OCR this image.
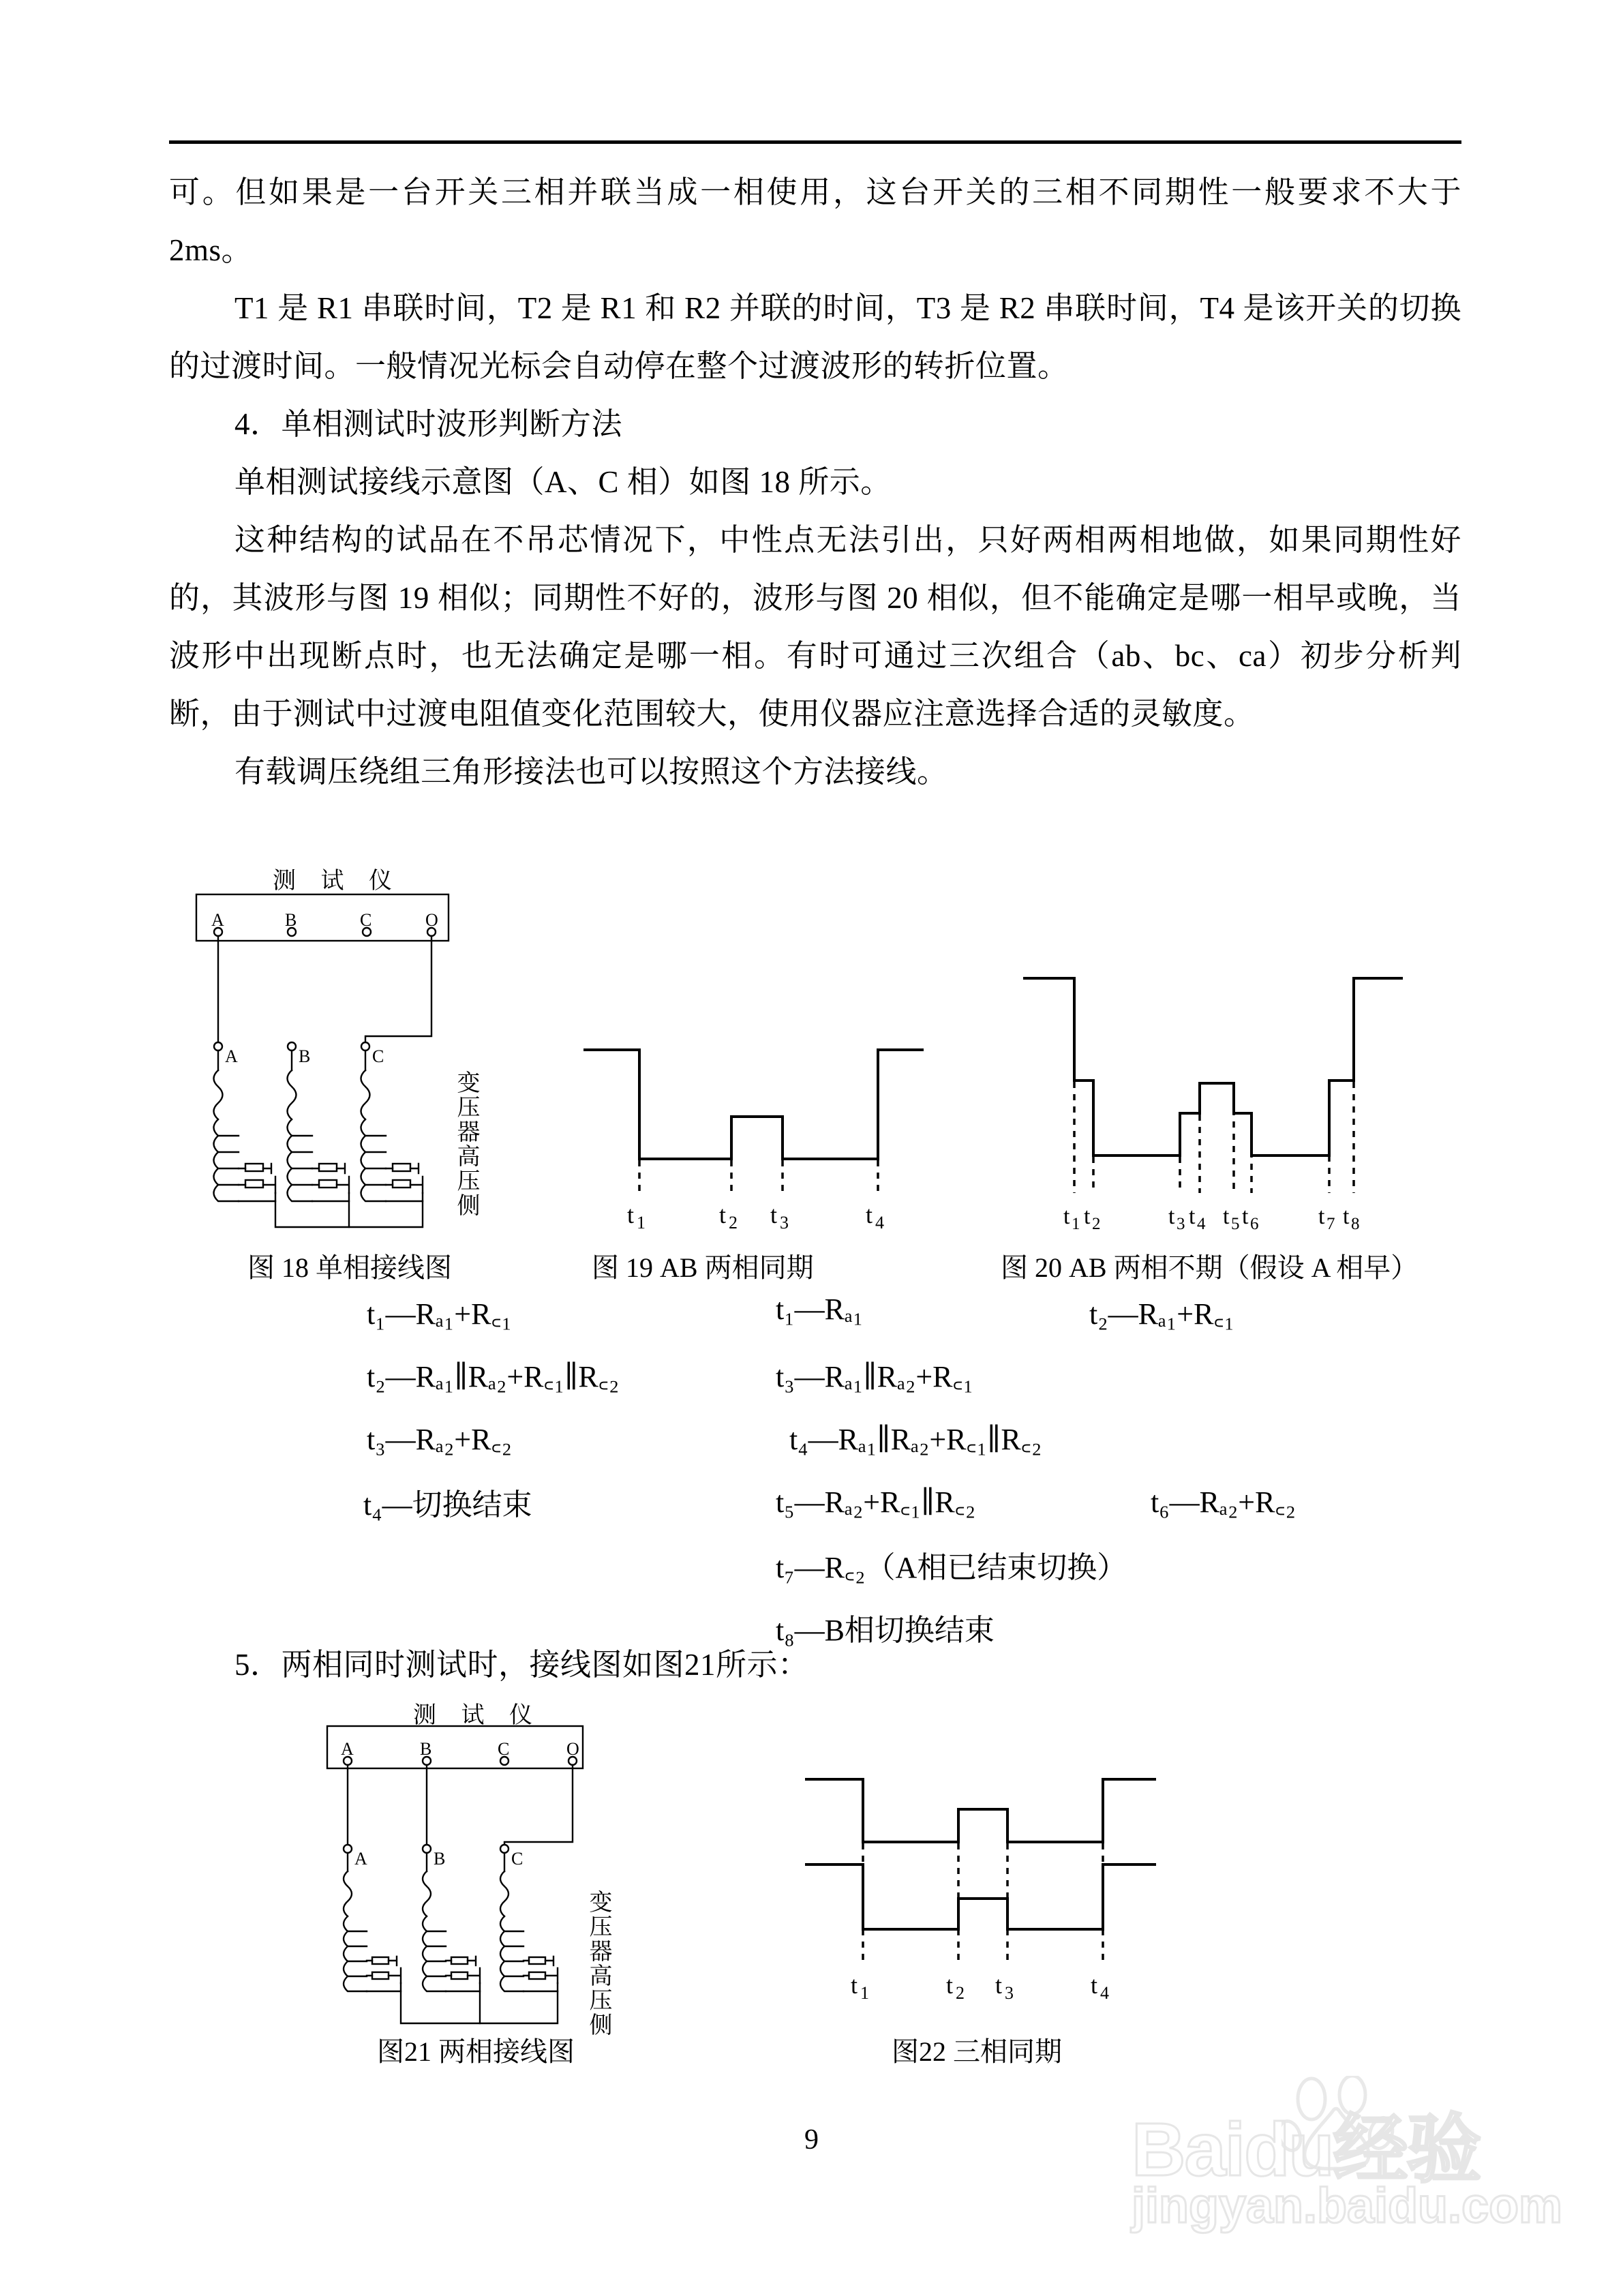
可。但如果是一台开关三相并联当成一相使用，这台开关的三相不同期性一般要求不大于 2ms。

T1 是 R1 串联时间，T2 是 R1 和 R2 并联的时间，T3 是 R2 串联时间，T4 是该开关的切换的过渡时间。一般情况光标会自动停在整个过渡波形的转折位置。

4．单相测试时波形判断方法

单相测试接线示意图（A、C 相）如图 18 所示。

这种结构的试品在不吊芯情况下，中性点无法引出，只好两相两相地做，如果同期性好的，其波形与图 19 相似；同期性不好的，波形与图 20 相似，但不能确定是哪一相早或晚，当波形中出现断点时，也无法确定是哪一相。有时可通过三次组合（ab、bc、ca）初步分析判断，由于测试中过渡电阻值变化范围较大，使用仪器应注意选择合适的灵敏度。

有载调压绕组三角形接法也可以按照这个方法接线。

测 试 仪
A	B	C	O
A	B	C
变压器高压侧
图 18 单相接线图
t 1	t 2 t 3	t 4
图 19 AB 两相同期
t 1 t 2	t 3 t 4 t 5 t 6	t 7 t 8
图 20 AB 两相不期（假设 A 相早）
t₁—Rₐ₁+R꜀₁	t₁—Rₐ₁	t₂—Rₐ₁+R꜀₁
t₂—Rₐ₁∥Rₐ₂+R꜀₁∥R꜀₂	t₃—Rₐ₁∥Rₐ₂+R꜀₁
t₃—Rₐ₂+R꜀₂	t₄—Rₐ₁∥Rₐ₂+R꜀₁∥R꜀₂
t₄—切换结束	t₅—Rₐ₂+R꜀₁∥R꜀₂	t₆—Rₐ₂+R꜀₂
t₇—R꜀₂（A相已结束切换）
t₈—B相切换结束

5．两相同时测试时，接线图如图21所示：

测 试 仪
A	B	C	O
A	B	C
变压器高压侧
图21 两相接线图
t 1	t 2 t 3	t 4
图22 三相同期
9	Baidu经验
jingyan.baidu.com
